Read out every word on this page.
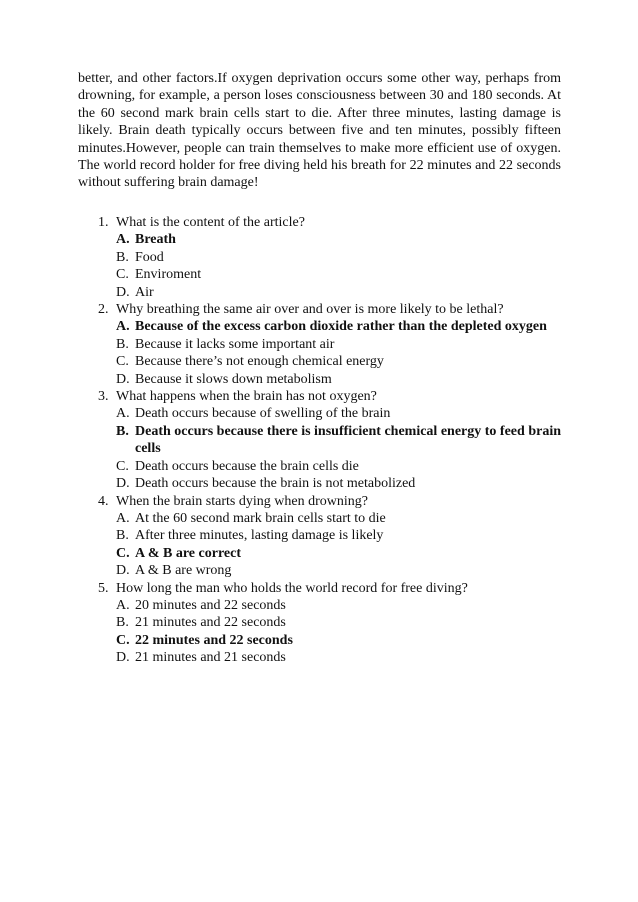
better, and other factors.If oxygen deprivation occurs some other way, perhaps from drowning, for example, a person loses consciousness between 30 and 180 seconds. At the 60 second mark brain cells start to die. After three minutes, lasting damage is likely. Brain death typically occurs between five and ten minutes, possibly fifteen minutes.However, people can train themselves to make more efficient use of oxygen. The world record holder for free diving held his breath for 22 minutes and 22 seconds without suffering brain damage!
1. What is the content of the article?
A. Breath
B. Food
C. Enviroment
D. Air
2. Why breathing the same air over and over is more likely to be lethal?
A. Because of the excess carbon dioxide rather than the depleted oxygen
B. Because it lacks some important air
C. Because there’s not enough chemical energy
D. Because it slows down metabolism
3. What happens when the brain has not oxygen?
A. Death occurs because of swelling of the brain
B. Death occurs because there is insufficient chemical energy to feed brain cells
C. Death occurs because the brain cells die
D. Death occurs because the brain is not metabolized
4. When the brain starts dying when drowning?
A. At the 60 second mark brain cells start to die
B. After three minutes, lasting damage is likely
C. A & B are correct
D. A & B are wrong
5. How long the man who holds the world record for free diving?
A. 20 minutes and 22 seconds
B. 21 minutes and 22 seconds
C. 22 minutes and 22 seconds
D. 21 minutes and 21 seconds
